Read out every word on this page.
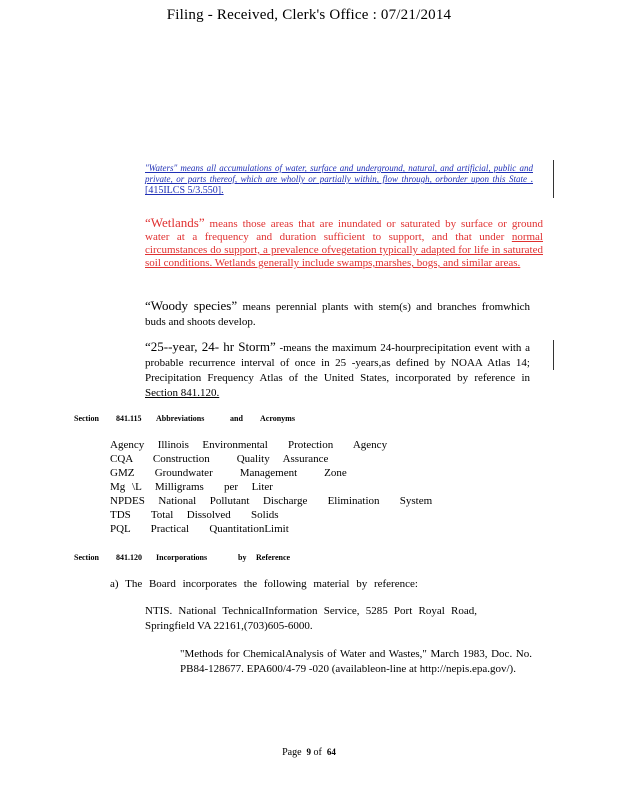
Filing - Received, Clerk's Office : 07/21/2014
"Waters" means all accumulations of water, surface and underground, natural, and artificial, public and private, or parts thereof, which are wholly or partially within, flow through, orborder upon this State . [415ILCS 5/3.550].
“Wetlands” means those areas that are inundated or saturated by surface or ground water at a frequency and duration sufficient to support, and that under normal circumstances do support, a prevalence ofvegetation typically adapted for life in saturated soil conditions. Wetlands generally include swamps,marshes, bogs, and similar areas.
“Woody species” means perennial plants with stem(s) and branches fromwhich buds and shoots develop.
“25-‑year, 24- hr Storm” -means the maximum 24-hourprecipitation event with a probable recurrence interval of once in 25 -years,as defined by NOAA Atlas 14; Precipitation Frequency Atlas of the United States, incorporated by reference in Section 841.120.
Section	841.115	Abbreviations	and	Acronyms
Agency  Illinois  Environmental   Protection   Agency
CQA   Construction    Quality  Assurance
GMZ   Groundwater    Management    Zone
Mg \L  Milligrams   per  Liter
NPDES  National  Pollutant  Discharge   Elimination   System
TDS   Total  Dissolved   Solids
PQL   Practical   QuantitationLimit
Section	841.120	Incorporations	by	Reference
a) The Board incorporates the following material by reference:
NTIS. National TechnicalInformation Service, 5285 Port Royal Road, Springfield VA 22161,(703)605-6000.
"Methods for ChemicalAnalysis of Water and Wastes," March 1983, Doc. No. PB84-128677. EPA600/4-79 -020 (availableon-line at http://nepis.epa.gov/).
Page 9 of 64
